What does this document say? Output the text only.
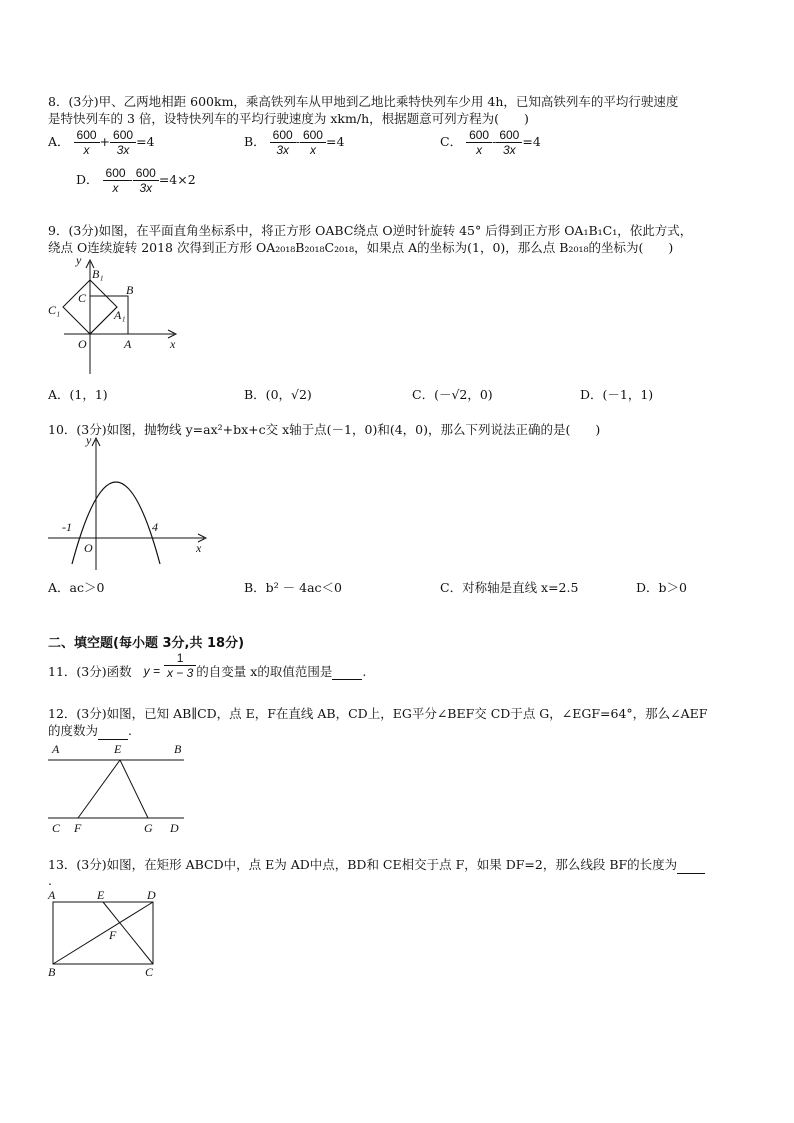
8．(3分)甲、乙两地相距 600km，乘高铁列车从甲地到乙地比乘特快列车少用 4h，已知高铁列车的平均行驶速度
是特快列车的 3 倍，设特快列车的平均行驶速度为 xkm/h，根据题意可列方程为(　　)
A． $\frac{600}{x} + \frac{600}{3x} =4$	B． $\frac{600}{3x} - \frac{600}{x} =4$	C． $\frac{600}{x} - \frac{600}{3x} =4$
D． $\frac{600}{x} - \frac{600}{3x} =4\times 2$
9．(3分)如图，在平面直角坐标系中，将正方形 OABC绕点 O逆时针旋转 45° 后得到正方形 OA₁B₁C₁，依此方式，
绕点 O连续旋转 2018 次得到正方形 OA₂₀₁₈B₂₀₁₈C₂₀₁₈，如果点 A的坐标为(1，0)，那么点 B₂₀₁₈的坐标为(　　)
y
B₁
B
C
C₁	A₁
O	A	x
A．(1，1)	B．(0，√2)	C．(－√2，0)	D．(－1，1)
10．(3分)如图，抛物线 y=ax²+bx+c交 x轴于点(－1，0)和(4，0)，那么下列说法正确的是(　　)
y
-1	4
O	x
A．ac＞0	B．b² － 4ac＜0	C．对称轴是直线 x=2.5	D．b＞0
二、填空题(每小题 3分,共 18分)
11．(3分)函数 $y = \frac{1}{x - 3}$ 的自变量 x的取值范围是 .
12．(3分)如图，已知 AB∥CD，点 E，F在直线 AB，CD上，EG平分∠BEF交 CD于点 G，∠EGF=64°，那么∠AEF
的度数为 .
A	E	B
C F	G D
13．(3分)如图，在矩形 ABCD中，点 E为 AD中点，BD和 CE相交于点 F，如果 DF=2，那么线段 BF的长度为
.
A	E	D
F
B	C
